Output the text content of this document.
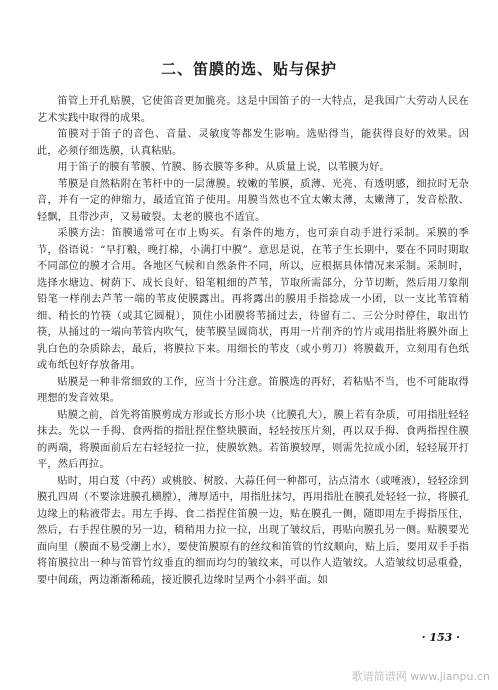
二、笛膜的选、贴与保护

笛管上开孔贴膜，它使笛音更加脆亮。这是中国笛子的一大特点，是我国广大劳动人民在艺术实践中取得的成果。

笛膜对于笛子的音色、音量、灵敏度等都发生影响。选贴得当，能获得良好的效果。因此，必须仔细选膜，认真粘贴。

用于笛子的膜有苇膜、竹膜、肠衣膜等多种。从质量上说，以苇膜为好。

苇膜是自然粘附在苇杆中的一层薄膜。较嫩的苇膜，质薄、光亮、有透明感，细拉时无杂音，并有一定的伸缩力，最适宜笛子使用。用膜当然也不宜太嫩太薄，太嫩薄了，发音松散、轻飘，且带沙声，又易破裂。太老的膜也不适宜。

采膜方法：笛膜通常可在市上购买。有条件的地方，也可亲自动手进行采制。采膜的季节，俗语说：“早打粮，晚打棉，小满打中膜”。意思是说，在苇子生长期中，要在不同时期取不同部位的膜才合用。各地区气候和自然条件不同，所以，应根据具体情况来采制。采制时，选择水塘边、树荫下、成长良好、铅笔粗细的芦苇，节取所需部分，分节切断，然后用刀象削铅笔一样削去芦苇一端的苇皮使膜露出。再将露出的膜用手指捻成一小团，以一支比苇管稍细、稍长的竹筷（或其它圆棍），顶住小团膜将苇捅过去，待留有二、三公分时停住，取出竹筷，从捅过的一端向苇管内吹气，使苇膜呈圆筒状，再用一片削齐的竹片或用指肚将膜外面上乳白色的杂质除去，最后，将膜拉下来。用细长的苇皮（或小剪刀）将膜截开，立刻用有色纸或布纸包好存放备用。

贴膜是一种非常细致的工作，应当十分注意。笛膜选的再好，若粘贴不当，也不可能取得理想的发音效果。

贴膜之前，首先将笛膜剪成方形或长方形小块（比膜孔大），膜上若有杂质，可用指肚轻轻抹去。先以一手拇、食两指的指肚捏住整块膜面，轻轻按压片刻，再以双手拇、食两指捏住膜的两端，将膜面前后左右轻轻拉一拉，使膜软熟。若笛膜较厚，则需先拉成小团，轻轻展开打平，然后再拉。

贴时，用白芨（中药）或桃胶、树胶、大蒜任何一种都可，沾点清水（或唾液），轻轻涂到膜孔四周（不要涂进膜孔横膛），薄厚适中，用指肚抹匀，再用指肚在膜孔处轻轻一拉，将膜孔边缘上的粘液带去。用左手拇、食二指捏住笛膜一边，贴在膜孔一侧，随即用左手拇指压住，然后，右手捏住膜的另一边，稍稍用力拉一拉，出现了皱纹后，再贴向膜孔另一侧。贴膜要光面向里（膜面不易受潮上水），要使笛膜原有的丝纹和笛管的竹纹顺向，贴上后，要用双手手指将笛膜拉出一种与笛管竹纹垂直的细而均匀的皱纹来，可以作人造皱纹。人造皱纹切忌重叠，要中间疏，两边渐渐稀疏，接近膜孔边缘时呈两个小斜平面。如

· 153 ·
歌谱简谱网 www.jianpu.cn
